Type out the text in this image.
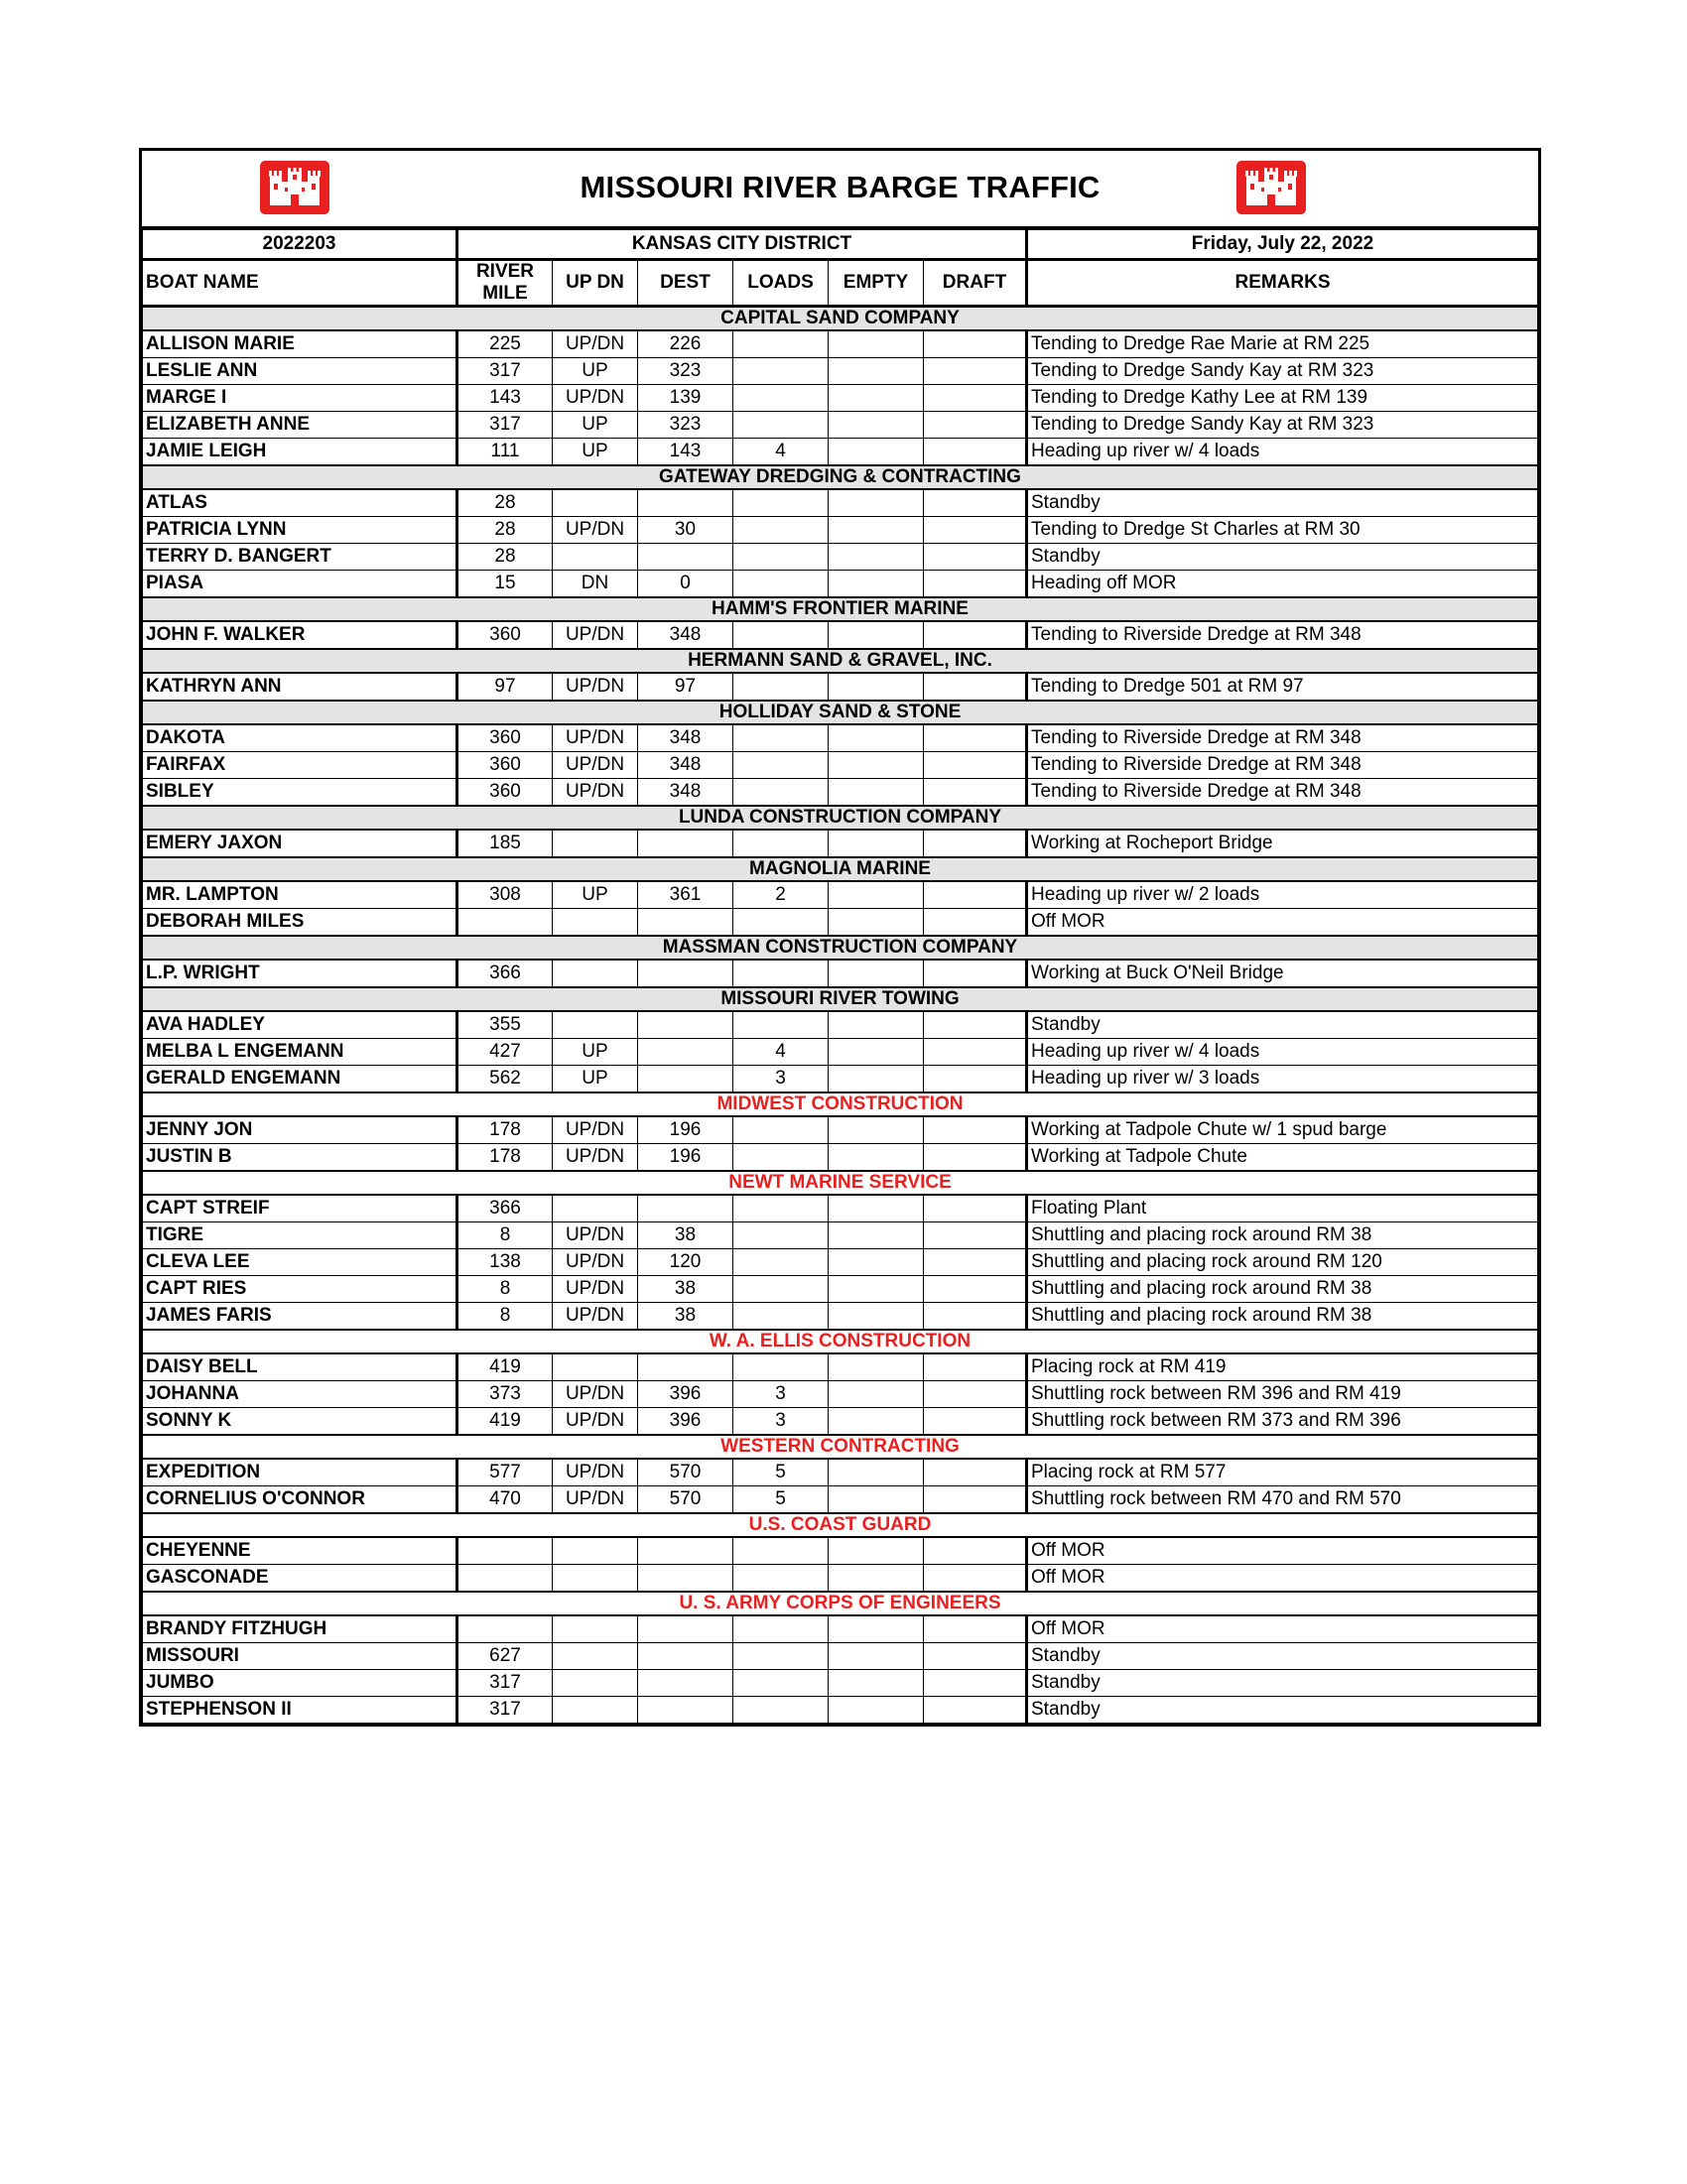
MISSOURI RIVER BARGE TRAFFIC
2022203	KANSAS CITY DISTRICT						Friday, July 22, 2022
BOAT NAME	RIVER MILE	UP DN	DEST	LOADS	EMPTY	DRAFT	REMARKS
CAPITAL SAND COMPANY							
ALLISON MARIE	225	UP/DN	226				Tending to Dredge Rae Marie at RM 225
LESLIE ANN	317	UP	323				Tending to Dredge Sandy Kay at RM 323
MARGE I	143	UP/DN	139				Tending to Dredge Kathy Lee at RM 139
ELIZABETH ANNE	317	UP	323				Tending to Dredge Sandy Kay at RM 323
JAMIE LEIGH	111	UP	143	4			Heading up river w/ 4 loads
GATEWAY DREDGING & CONTRACTING							
ATLAS	28						Standby
PATRICIA LYNN	28	UP/DN	30				Tending to Dredge St Charles at RM 30
TERRY D. BANGERT	28						Standby
PIASA	15	DN	0				Heading off MOR
HAMM'S FRONTIER MARINE							
JOHN F. WALKER	360	UP/DN	348				Tending to Riverside Dredge at RM 348
HERMANN SAND & GRAVEL, INC.							
KATHRYN ANN	97	UP/DN	97				Tending to Dredge 501 at RM 97
HOLLIDAY SAND & STONE							
DAKOTA	360	UP/DN	348				Tending to Riverside Dredge at RM 348
FAIRFAX	360	UP/DN	348				Tending to Riverside Dredge at RM 348
SIBLEY	360	UP/DN	348				Tending to Riverside Dredge at RM 348
LUNDA CONSTRUCTION COMPANY							
EMERY JAXON	185						Working at Rocheport Bridge
MAGNOLIA MARINE							
MR. LAMPTON	308	UP	361	2			Heading up river w/ 2 loads
DEBORAH MILES							Off MOR
MASSMAN CONSTRUCTION COMPANY							
L.P. WRIGHT	366						Working at Buck O'Neil Bridge
MISSOURI RIVER TOWING							
AVA HADLEY	355						Standby
MELBA L ENGEMANN	427	UP		4			Heading up river w/ 4 loads
GERALD ENGEMANN	562	UP		3			Heading up river w/ 3 loads
MIDWEST CONSTRUCTION							
JENNY JON	178	UP/DN	196				Working at Tadpole Chute w/ 1 spud barge
JUSTIN B	178	UP/DN	196				Working at Tadpole Chute
NEWT MARINE SERVICE							
CAPT STREIF	366						Floating Plant
TIGRE	8	UP/DN	38				Shuttling and placing rock around RM 38
CLEVA LEE	138	UP/DN	120				Shuttling and placing rock around RM 120
CAPT RIES	8	UP/DN	38				Shuttling and placing rock around RM 38
JAMES FARIS	8	UP/DN	38				Shuttling and placing rock around RM 38
W. A. ELLIS CONSTRUCTION							
DAISY BELL	419						Placing rock at RM 419
JOHANNA	373	UP/DN	396	3			Shuttling rock between RM 396 and RM 419
SONNY K	419	UP/DN	396	3			Shuttling rock between RM 373 and RM 396
WESTERN CONTRACTING							
EXPEDITION	577	UP/DN	570	5			Placing rock at RM 577
CORNELIUS O'CONNOR	470	UP/DN	570	5			Shuttling rock between RM 470 and RM 570
U.S. COAST GUARD							
CHEYENNE							Off MOR
GASCONADE							Off MOR
U. S. ARMY CORPS OF ENGINEERS							
BRANDY FITZHUGH							Off MOR
MISSOURI	627						Standby
JUMBO	317						Standby
STEPHENSON II	317						Standby
